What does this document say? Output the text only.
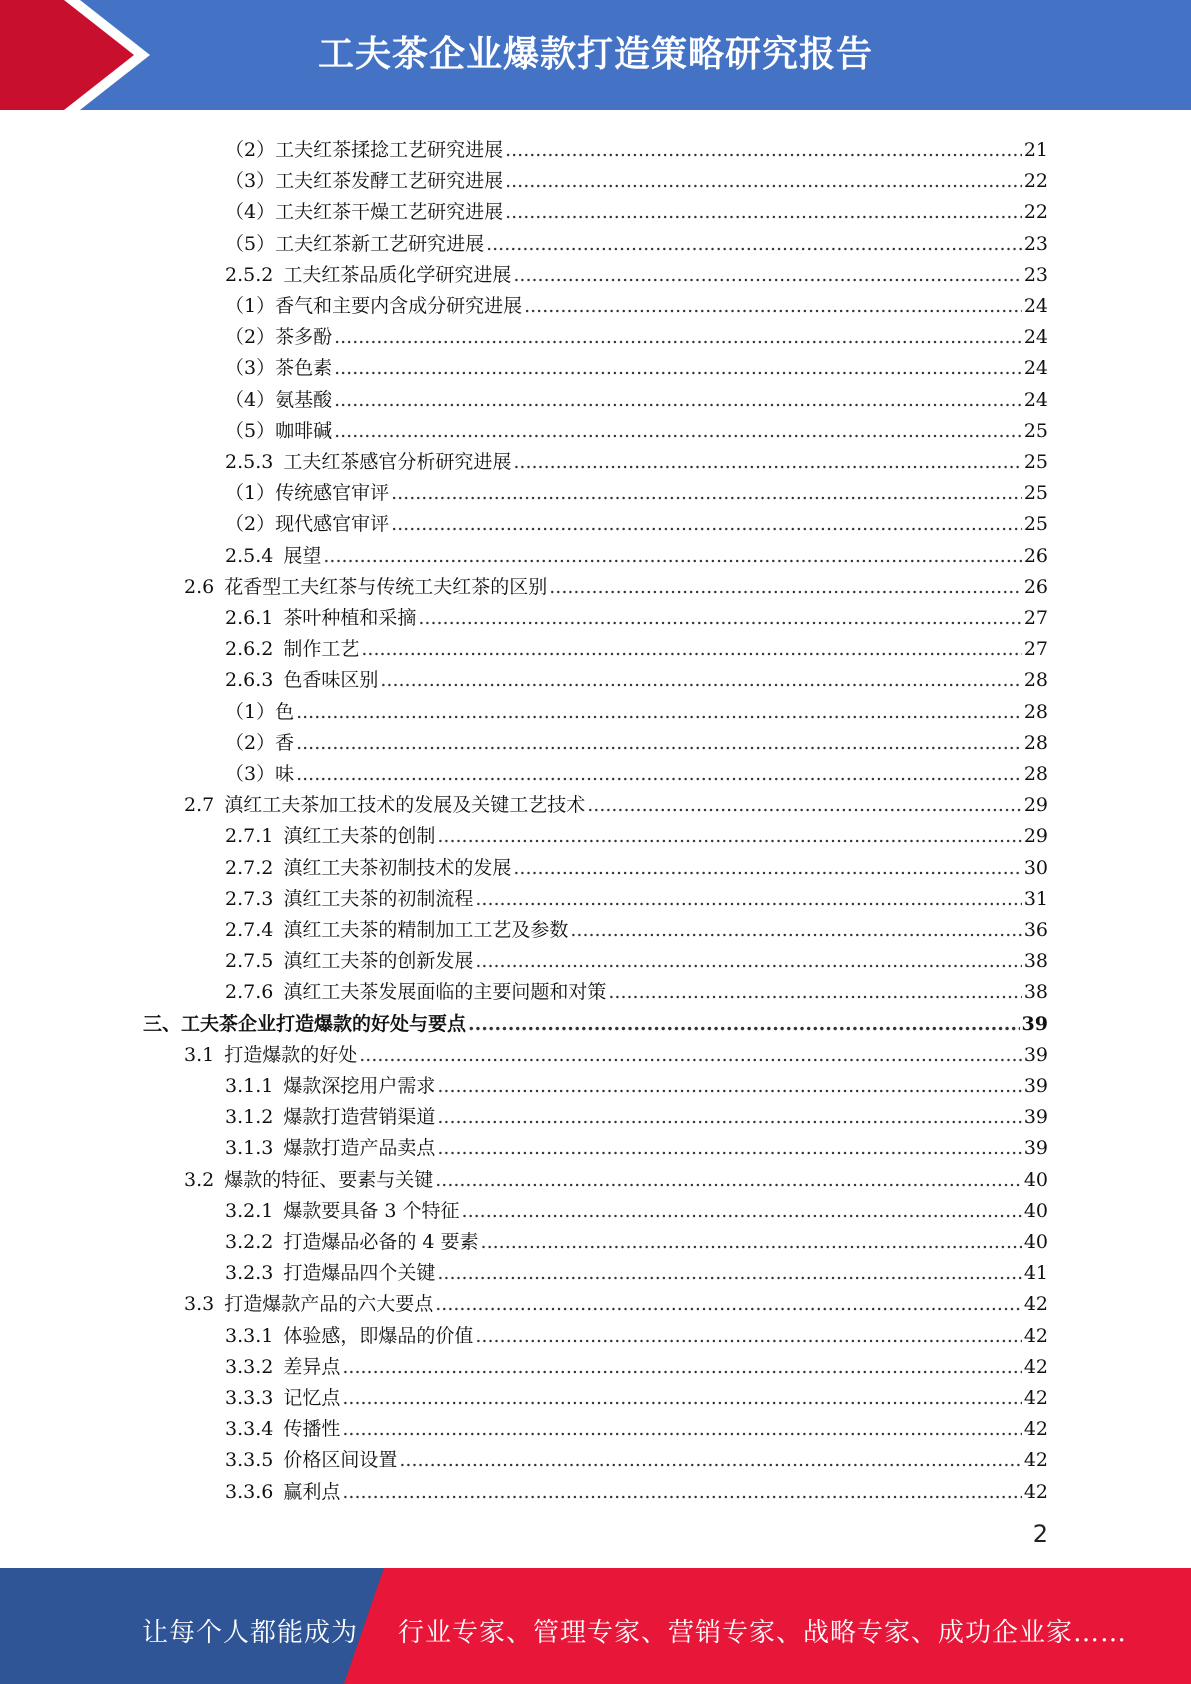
工夫茶企业爆款打造策略研究报告
（2）工夫红茶揉捻工艺研究进展 .....	21
（3）工夫红茶发酵工艺研究进展 .....	22
（4）工夫红茶干燥工艺研究进展 .....	22
（5）工夫红茶新工艺研究进展 .....	23
2.5.2 工夫红茶品质化学研究进展 .....	23
（1）香气和主要内含成分研究进展 .....	24
（2）茶多酚 .....	24
（3）茶色素 .....	24
（4）氨基酸 .....	24
（5）咖啡碱 .....	25
2.5.3 工夫红茶感官分析研究进展 .....	25
（1）传统感官审评 .....	25
（2）现代感官审评 .....	25
2.5.4 展望 .....	26
2.6 花香型工夫红茶与传统工夫红茶的区别 .....	26
2.6.1 茶叶种植和采摘 .....	27
2.6.2 制作工艺 .....	27
2.6.3 色香味区别 .....	28
（1）色 .....	28
（2）香 .....	28
（3）味 .....	28
2.7 滇红工夫茶加工技术的发展及关键工艺技术 .....	29
2.7.1 滇红工夫茶的创制 .....	29
2.7.2 滇红工夫茶初制技术的发展 .....	30
2.7.3 滇红工夫茶的初制流程 .....	31
2.7.4 滇红工夫茶的精制加工工艺及参数 .....	36
2.7.5 滇红工夫茶的创新发展 .....	38
2.7.6 滇红工夫茶发展面临的主要问题和对策 .....	38
三、工夫茶企业打造爆款的好处与要点 .....	39
3.1 打造爆款的好处 .....	39
3.1.1 爆款深挖用户需求 .....	39
3.1.2 爆款打造营销渠道 .....	39
3.1.3 爆款打造产品卖点 .....	39
3.2 爆款的特征、要素与关键 .....	40
3.2.1 爆款要具备 3 个特征 .....	40
3.2.2 打造爆品必备的 4 要素 .....	40
3.2.3 打造爆品四个关键 .....	41
3.3 打造爆款产品的六大要点 .....	42
3.3.1 体验感，即爆品的价值 .....	42
3.3.2 差异点 .....	42
3.3.3 记忆点 .....	42
3.3.4 传播性 .....	42
3.3.5 价格区间设置 .....	42
3.3.6 赢利点 .....	42
2
让每个人都能成为 行业专家、管理专家、营销专家、战略专家、成功企业家……
